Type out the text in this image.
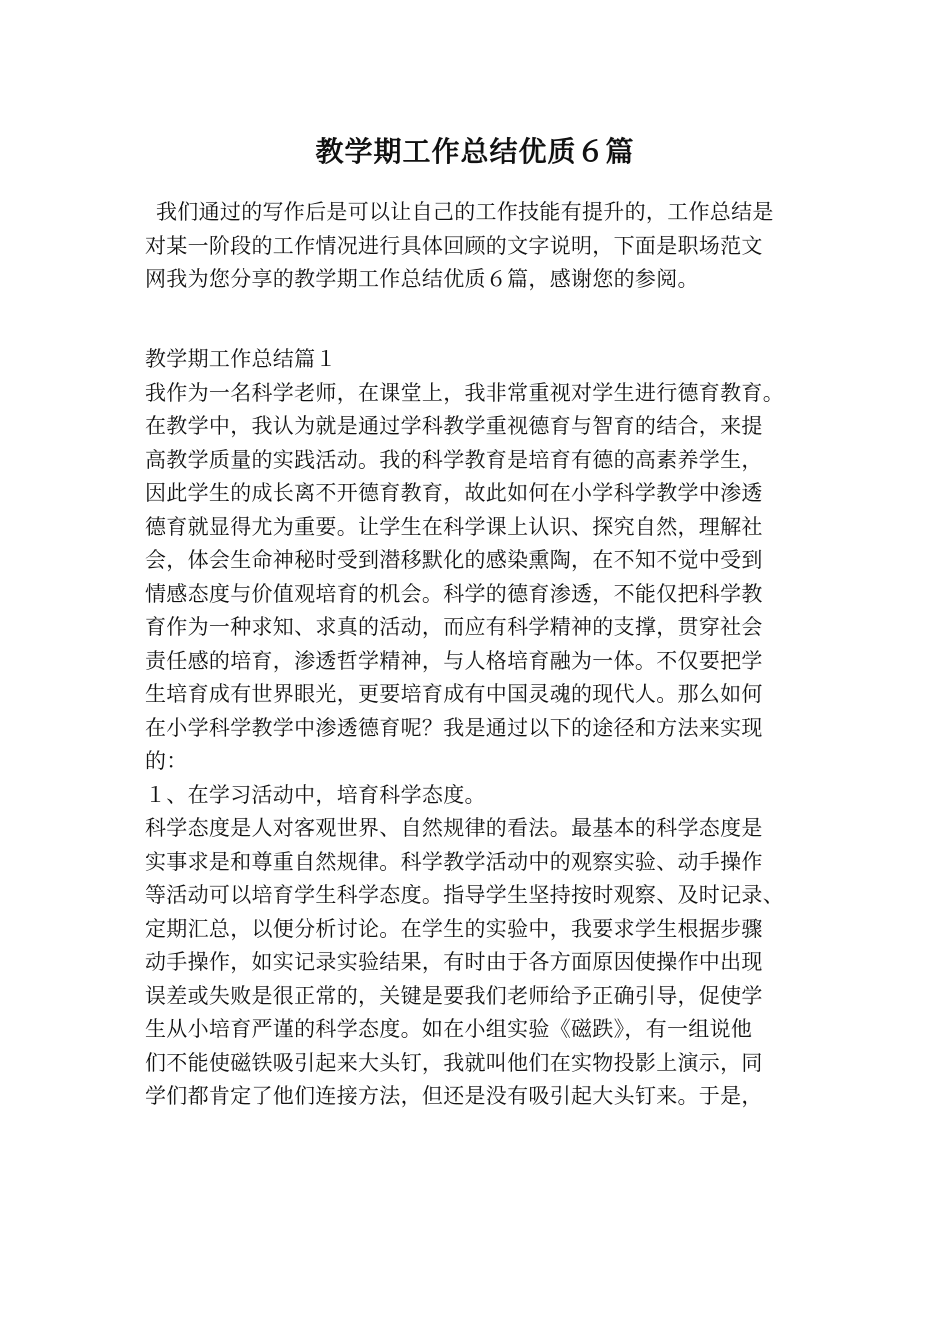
教学期工作总结优质６篇
我们通过的写作后是可以让自己的工作技能有提升的，工作总结是
对某一阶段的工作情况进行具体回顾的文字说明，下面是职场范文
网我为您分享的教学期工作总结优质６篇，感谢您的参阅。
教学期工作总结篇１
我作为一名科学老师，在课堂上，我非常重视对学生进行德育教育。
在教学中，我认为就是通过学科教学重视德育与智育的结合，来提
高教学质量的实践活动。我的科学教育是培育有德的高素养学生，
因此学生的成长离不开德育教育，故此如何在小学科学教学中渗透
德育就显得尤为重要。让学生在科学课上认识、探究自然，理解社
会，体会生命神秘时受到潜移默化的感染熏陶，在不知不觉中受到
情感态度与价值观培育的机会。科学的德育渗透，不能仅把科学教
育作为一种求知、求真的活动，而应有科学精神的支撑，贯穿社会
责任感的培育，渗透哲学精神，与人格培育融为一体。不仅要把学
生培育成有世界眼光，更要培育成有中国灵魂的现代人。那么如何
在小学科学教学中渗透德育呢？我是通过以下的途径和方法来实现
的：
１、在学习活动中，培育科学态度。
科学态度是人对客观世界、自然规律的看法。最基本的科学态度是
实事求是和尊重自然规律。科学教学活动中的观察实验、动手操作
等活动可以培育学生科学态度。指导学生坚持按时观察、及时记录、
定期汇总，以便分析讨论。在学生的实验中，我要求学生根据步骤
动手操作，如实记录实验结果，有时由于各方面原因使操作中出现
误差或失败是很正常的，关键是要我们老师给予正确引导，促使学
生从小培育严谨的科学态度。如在小组实验《磁跌》，有一组说他
们不能使磁铁吸引起来大头钉，我就叫他们在实物投影上演示，同
学们都肯定了他们连接方法，但还是没有吸引起大头钉来。于是，
